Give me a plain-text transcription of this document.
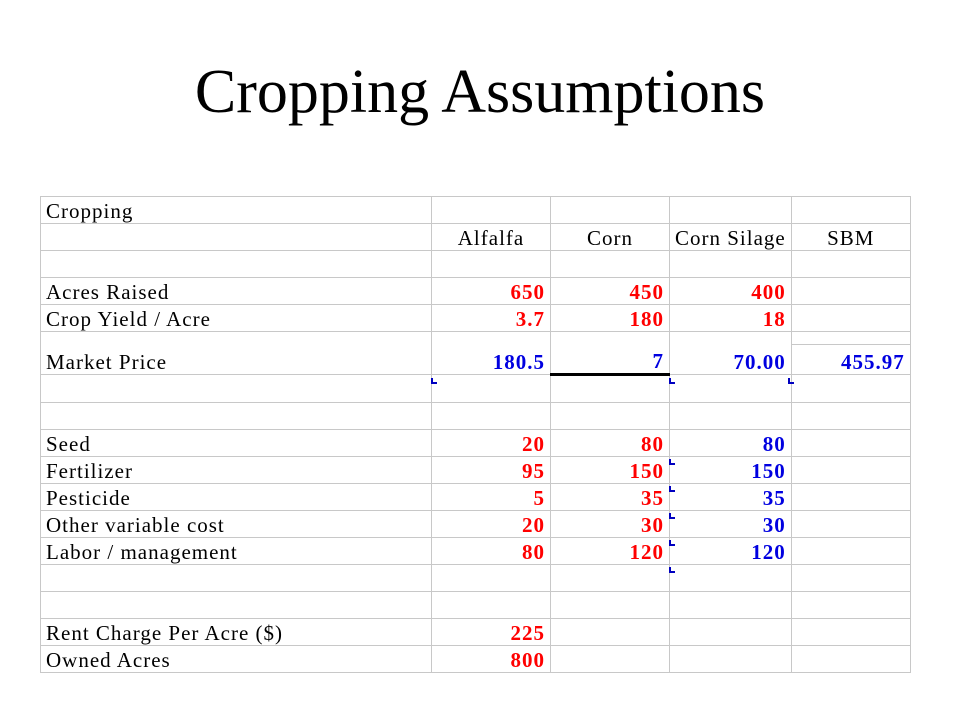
Cropping Assumptions
Cropping				
	Alfalfa	Corn	Corn Silage	SBM

Acres Raised	650	450	400	
Crop Yield / Acre	3.7	180	18	

Market Price	180.5	7	70.00	455.97

Seed	20	80	80	
Fertilizer	95	150	150	
Pesticide	5	35	35	
Other variable cost	20	30	30	
Labor / management	80	120	120	

Rent Charge Per Acre ($)	225			
Owned Acres	800			
